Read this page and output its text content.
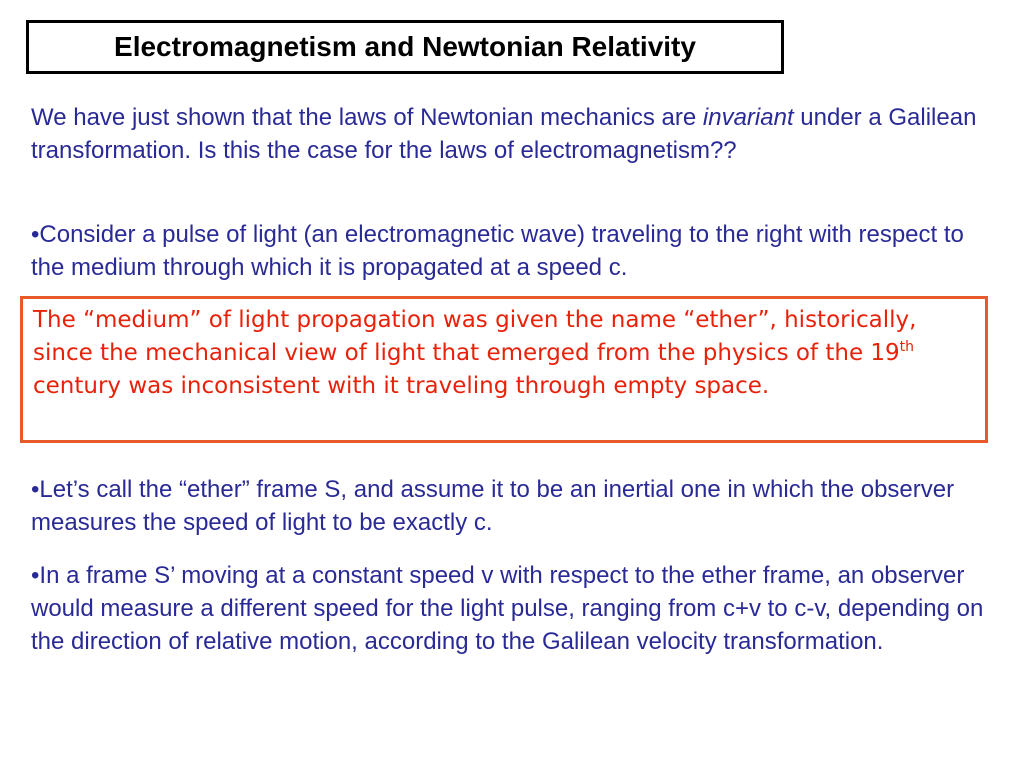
Electromagnetism and Newtonian Relativity

We have just shown that the laws of Newtonian mechanics are invariant under a Galilean transformation. Is this the case for the laws of electromagnetism??

•Consider a pulse of light (an electromagnetic wave) traveling to the right with respect to the medium through which it is propagated at a speed c.

The “medium” of light propagation was given the name “ether”, historically, since the mechanical view of light that emerged from the physics of the 19th century was inconsistent with it traveling through empty space.

•Let’s call the “ether” frame S, and assume it to be an inertial one in which the observer measures the speed of light to be exactly c.

•In a frame S’ moving at a constant speed v with respect to the ether frame, an observer would measure a different speed for the light pulse, ranging from c+v to c-v, depending on the direction of relative motion, according to the Galilean velocity transformation.
